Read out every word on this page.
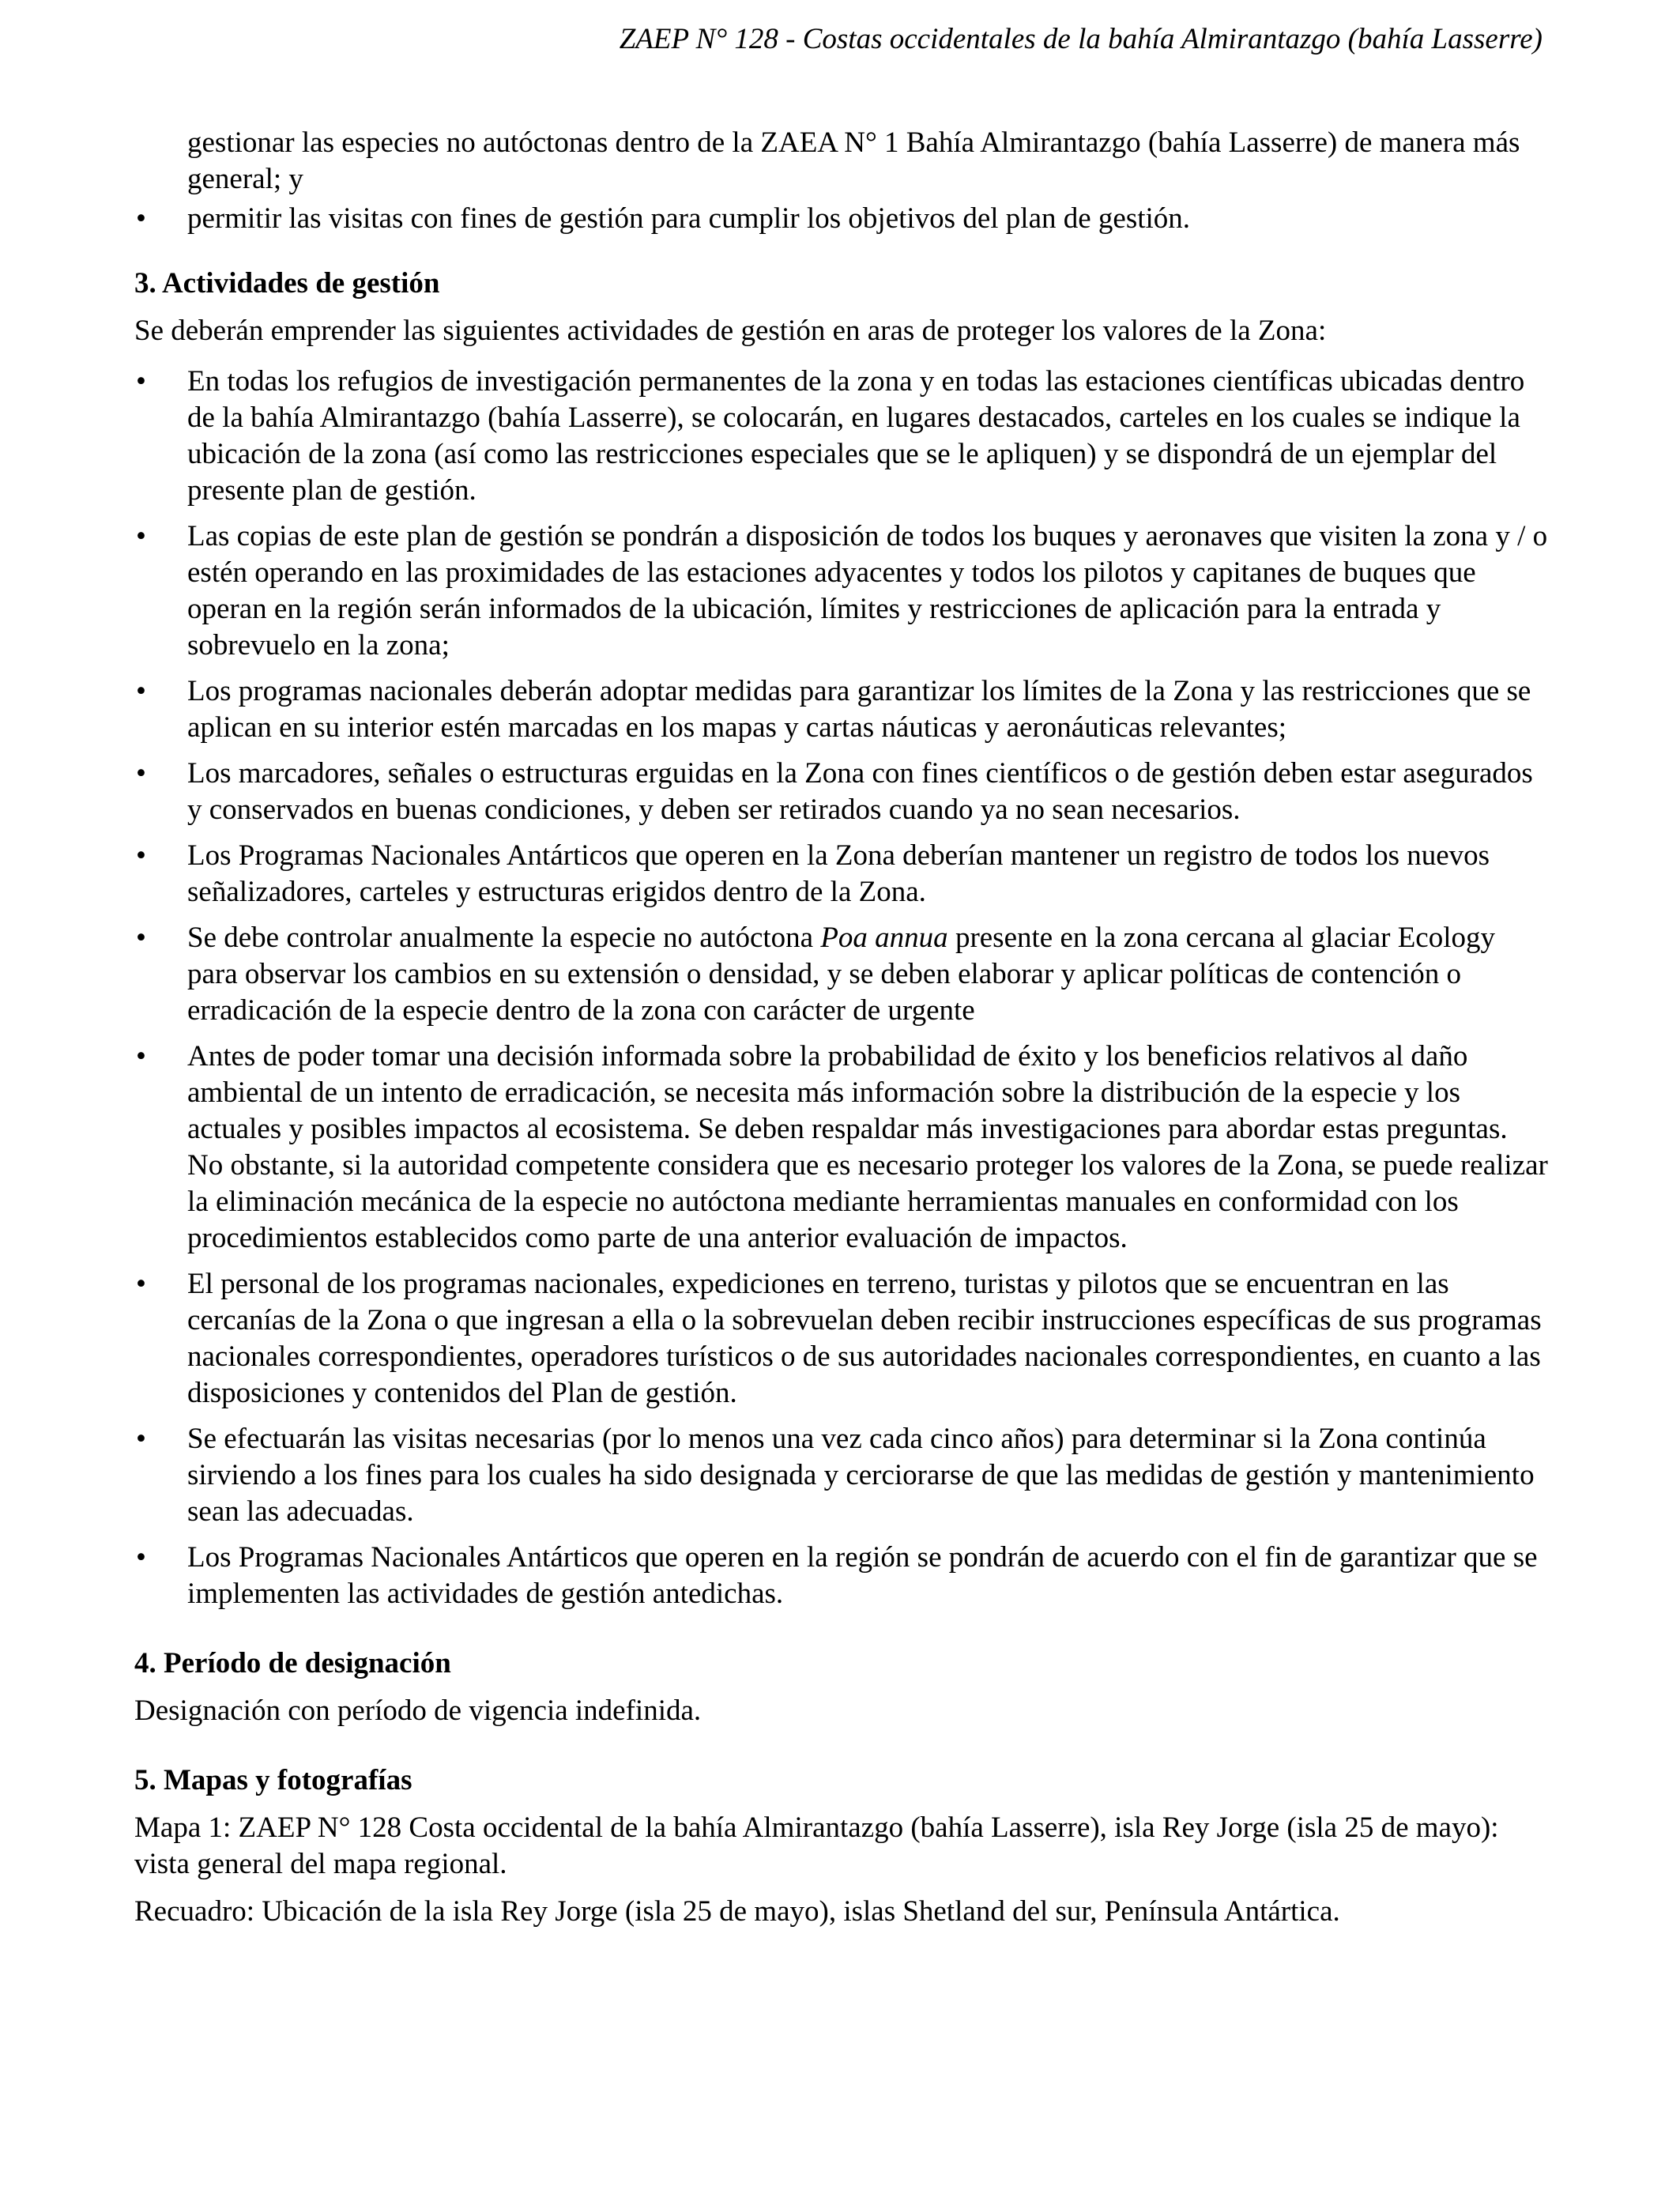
ZAEP N° 128 - Costas occidentales de la bahía Almirantazgo (bahía Lasserre)

gestionar las especies no autóctonas dentro de la ZAEA N° 1 Bahía Almirantazgo (bahía Lasserre) de manera más general; y

•	permitir las visitas con fines de gestión para cumplir los objetivos del plan de gestión.
3. Actividades de gestión

Se deberán emprender las siguientes actividades de gestión en aras de proteger los valores de la Zona:

•	En todas los refugios de investigación permanentes de la zona y en todas las estaciones científicas ubicadas dentro de la bahía Almirantazgo (bahía Lasserre), se colocarán, en lugares destacados, carteles en los cuales se indique la ubicación de la zona (así como las restricciones especiales que se le apliquen) y se dispondrá de un ejemplar del presente plan de gestión.
•	Las copias de este plan de gestión se pondrán a disposición de todos los buques y aeronaves que visiten la zona y / o estén operando en las proximidades de las estaciones adyacentes y todos los pilotos y capitanes de buques que operan en la región serán informados de la ubicación, límites y restricciones de aplicación para la entrada y sobrevuelo en la zona;
•	Los programas nacionales deberán adoptar medidas para garantizar los límites de la Zona y las restricciones que se aplican en su interior estén marcadas en los mapas y cartas náuticas y aeronáuticas relevantes;
•	Los marcadores, señales o estructuras erguidas en la Zona con fines científicos o de gestión deben estar asegurados y conservados en buenas condiciones, y deben ser retirados cuando ya no sean necesarios.
•	Los Programas Nacionales Antárticos que operen en la Zona deberían mantener un registro de todos los nuevos señalizadores, carteles y estructuras erigidos dentro de la Zona.
•	Se debe controlar anualmente la especie no autóctona Poa annua presente en la zona cercana al glaciar Ecology para observar los cambios en su extensión o densidad, y se deben elaborar y aplicar políticas de contención o erradicación de la especie dentro de la zona con carácter de urgente
•	Antes de poder tomar una decisión informada sobre la probabilidad de éxito y los beneficios relativos al daño ambiental de un intento de erradicación, se necesita más información sobre la distribución de la especie y los actuales y posibles impactos al ecosistema. Se deben respaldar más investigaciones para abordar estas preguntas. No obstante, si la autoridad competente considera que es necesario proteger los valores de la Zona, se puede realizar la eliminación mecánica de la especie no autóctona mediante herramientas manuales en conformidad con los procedimientos establecidos como parte de una anterior evaluación de impactos.
•	El personal de los programas nacionales, expediciones en terreno, turistas y pilotos que se encuentran en las cercanías de la Zona o que ingresan a ella o la sobrevuelan deben recibir instrucciones específicas de sus programas nacionales correspondientes, operadores turísticos o de sus autoridades nacionales correspondientes, en cuanto a las disposiciones y contenidos del Plan de gestión.
•	Se efectuarán las visitas necesarias (por lo menos una vez cada cinco años) para determinar si la Zona continúa sirviendo a los fines para los cuales ha sido designada y cerciorarse de que las medidas de gestión y mantenimiento sean las adecuadas.
•	Los Programas Nacionales Antárticos que operen en la región se pondrán de acuerdo con el fin de garantizar que se implementen las actividades de gestión antedichas.
4. Período de designación

Designación con período de vigencia indefinida.

5. Mapas y fotografías

Mapa 1: ZAEP N° 128 Costa occidental de la bahía Almirantazgo (bahía Lasserre), isla Rey Jorge (isla 25 de mayo): vista general del mapa regional.

Recuadro: Ubicación de la isla Rey Jorge (isla 25 de mayo), islas Shetland del sur, Península Antártica.
